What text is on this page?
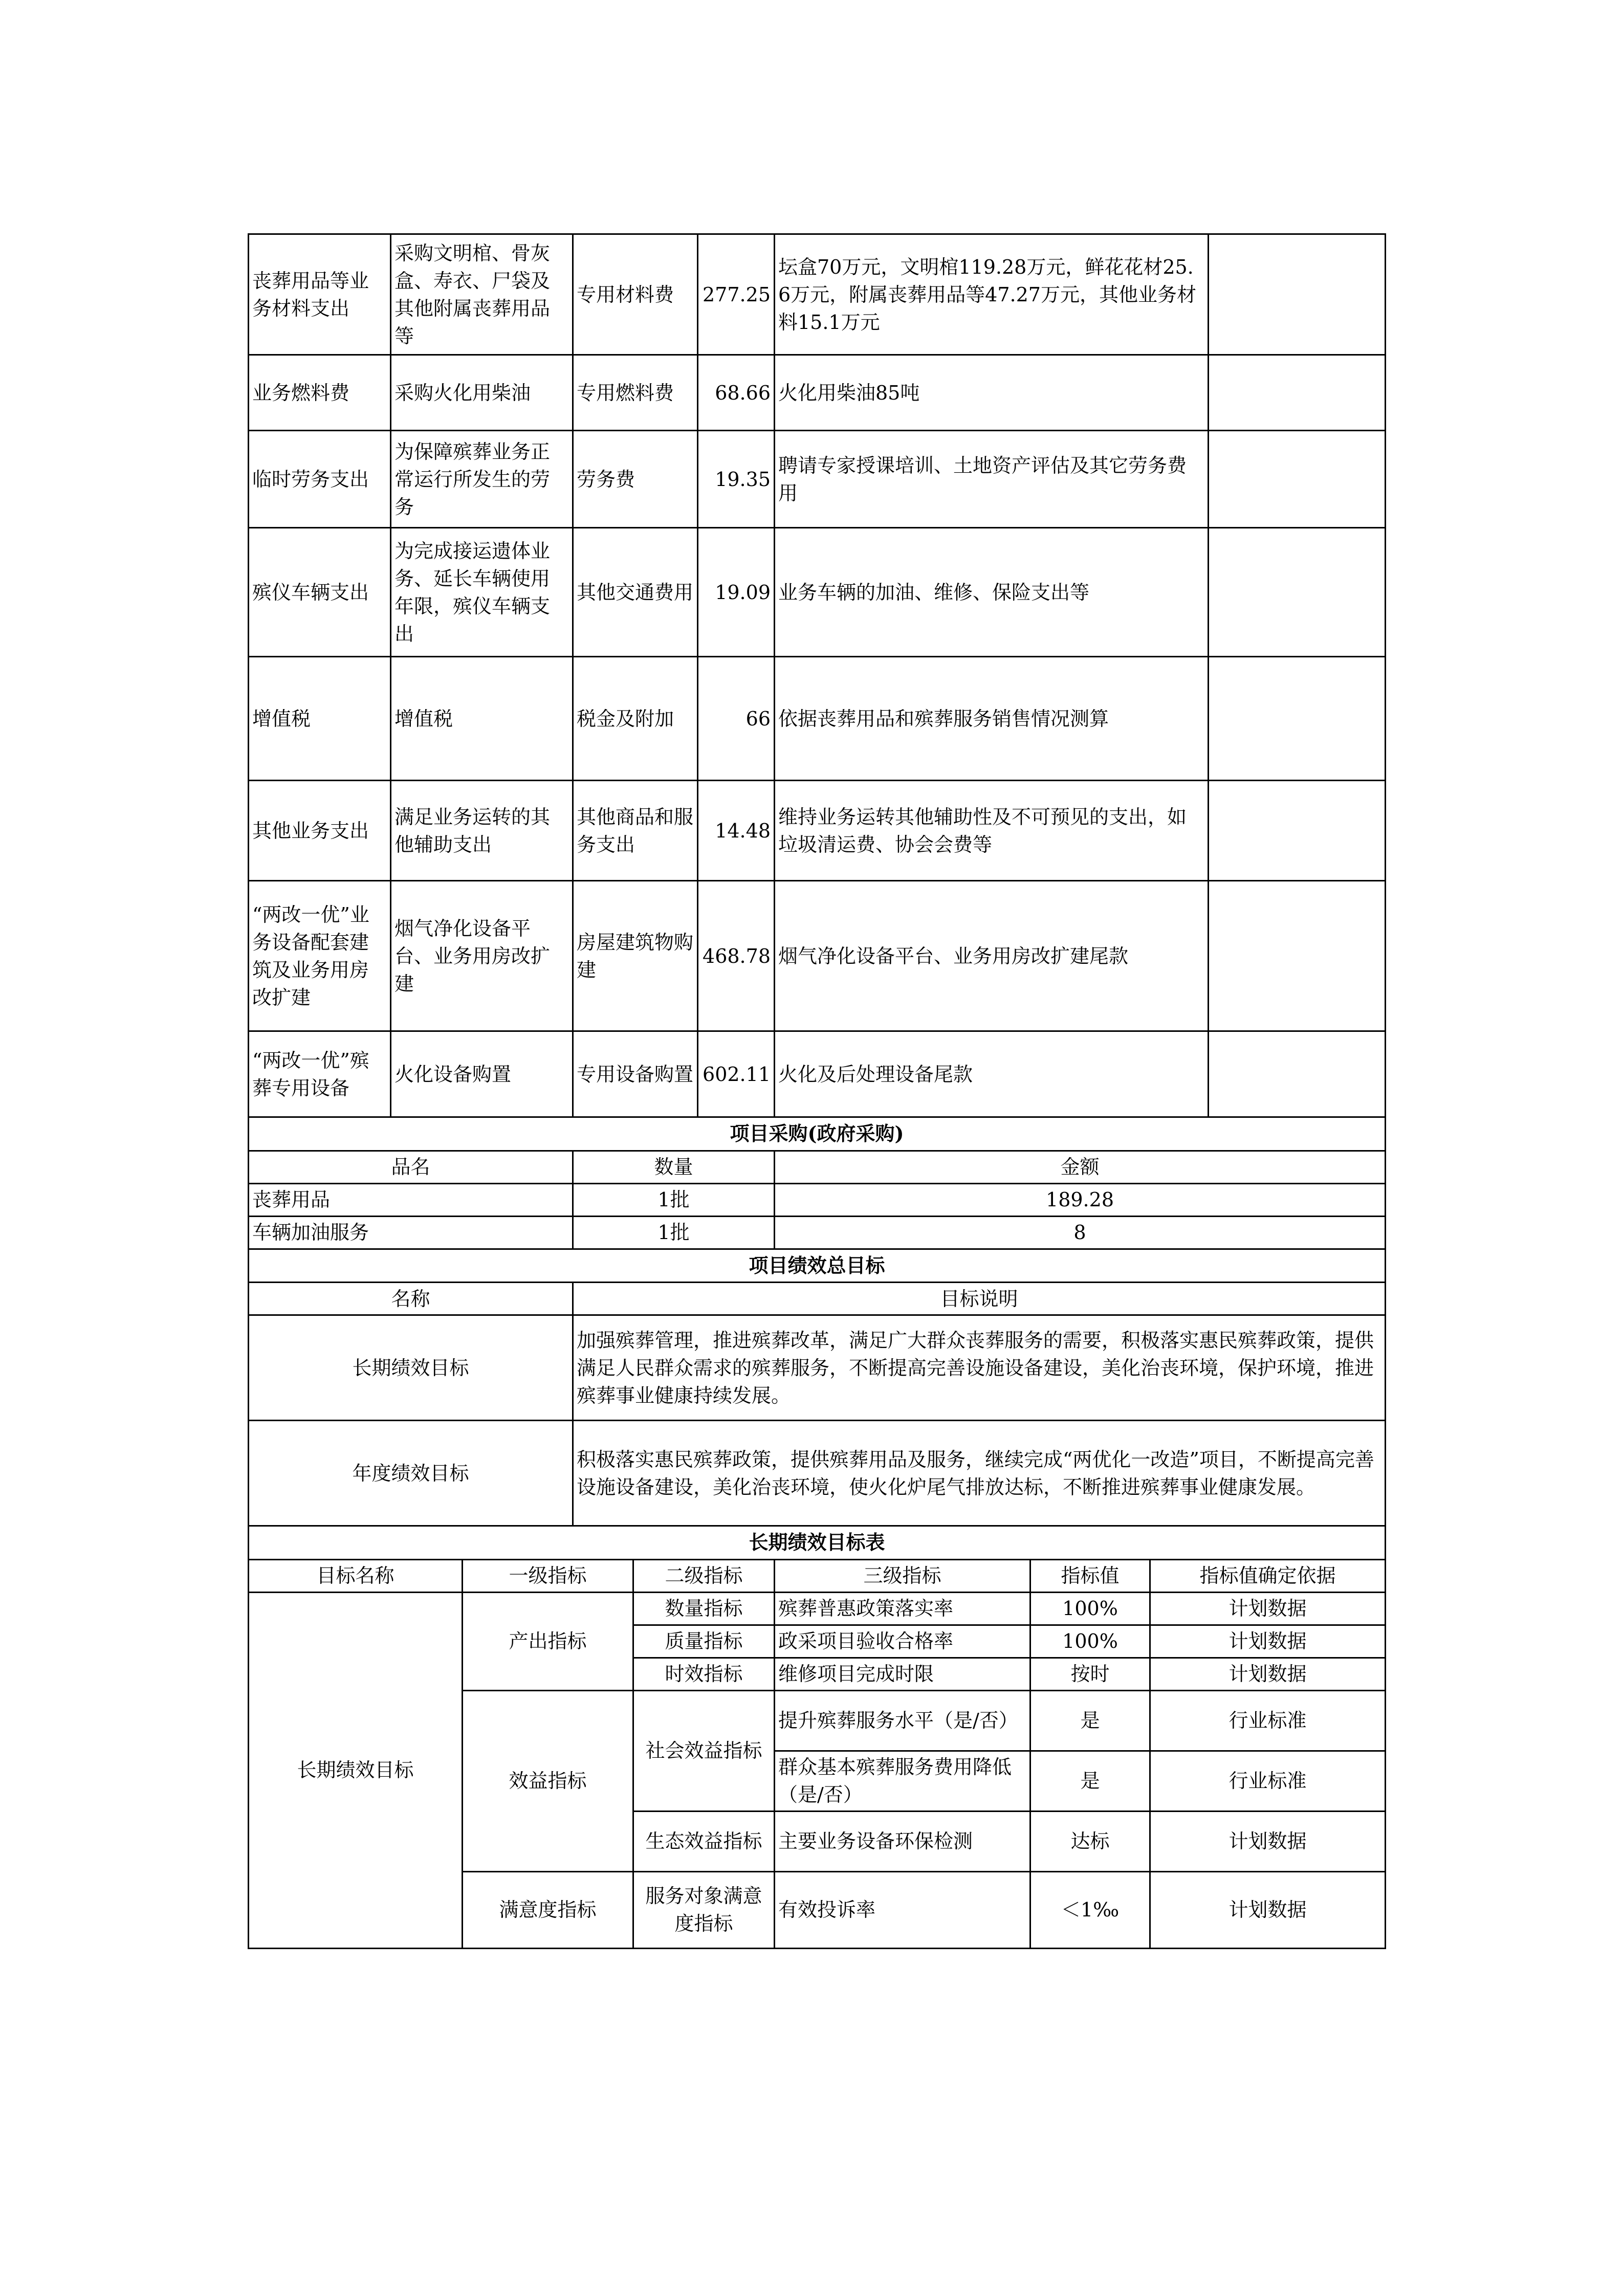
丧葬用品等业务材料支出	采购文明棺、骨灰盒、寿衣、尸袋及其他附属丧葬用品等	专用材料费	277.25	坛盒70万元，文明棺119.28万元，鲜花花材25.6万元，附属丧葬用品等47.27万元，其他业务材料15.1万元	
业务燃料费	采购火化用柴油	专用燃料费	68.66	火化用柴油85吨	
临时劳务支出	为保障殡葬业务正常运行所发生的劳务	劳务费	19.35	聘请专家授课培训、土地资产评估及其它劳务费用	
殡仪车辆支出	为完成接运遗体业务、延长车辆使用年限，殡仪车辆支出	其他交通费用	19.09	业务车辆的加油、维修、保险支出等	
增值税	增值税	税金及附加	66	依据丧葬用品和殡葬服务销售情况测算	
其他业务支出	满足业务运转的其他辅助支出	其他商品和服务支出	14.48	维持业务运转其他辅助性及不可预见的支出，如垃圾清运费、协会会费等	
“两改一优”业务设备配套建筑及业务用房改扩建	烟气净化设备平台、业务用房改扩建	房屋建筑物购建	468.78	烟气净化设备平台、业务用房改扩建尾款	
“两改一优”殡葬专用设备	火化设备购置	专用设备购置	602.11	火化及后处理设备尾款	
项目采购(政府采购)		
品名	数量	金额
丧葬用品	1批	189.28
车辆加油服务	1批	8
项目绩效总目标	
名称	目标说明
长期绩效目标	加强殡葬管理，推进殡葬改革，满足广大群众丧葬服务的需要，积极落实惠民殡葬政策，提供满足人民群众需求的殡葬服务，不断提高完善设施设备建设，美化治丧环境，保护环境，推进殡葬事业健康持续发展。
年度绩效目标	积极落实惠民殡葬政策，提供殡葬用品及服务，继续完成“两优化一改造”项目，不断提高完善设施设备建设，美化治丧环境，使火化炉尾气排放达标，不断推进殡葬事业健康发展。
长期绩效目标表					
目标名称	一级指标	二级指标	三级指标	指标值	指标值确定依据
长期绩效目标	产出指标	数量指标	殡葬普惠政策落实率	100%	计划数据
		质量指标	政采项目验收合格率	100%	计划数据
		时效指标	维修项目完成时限	按时	计划数据
	效益指标	社会效益指标	提升殡葬服务水平（是/否）	是	行业标准
			群众基本殡葬服务费用降低（是/否）	是	行业标准
		生态效益指标	主要业务设备环保检测	达标	计划数据
	满意度指标	服务对象满意度指标	有效投诉率	＜1‰	计划数据
